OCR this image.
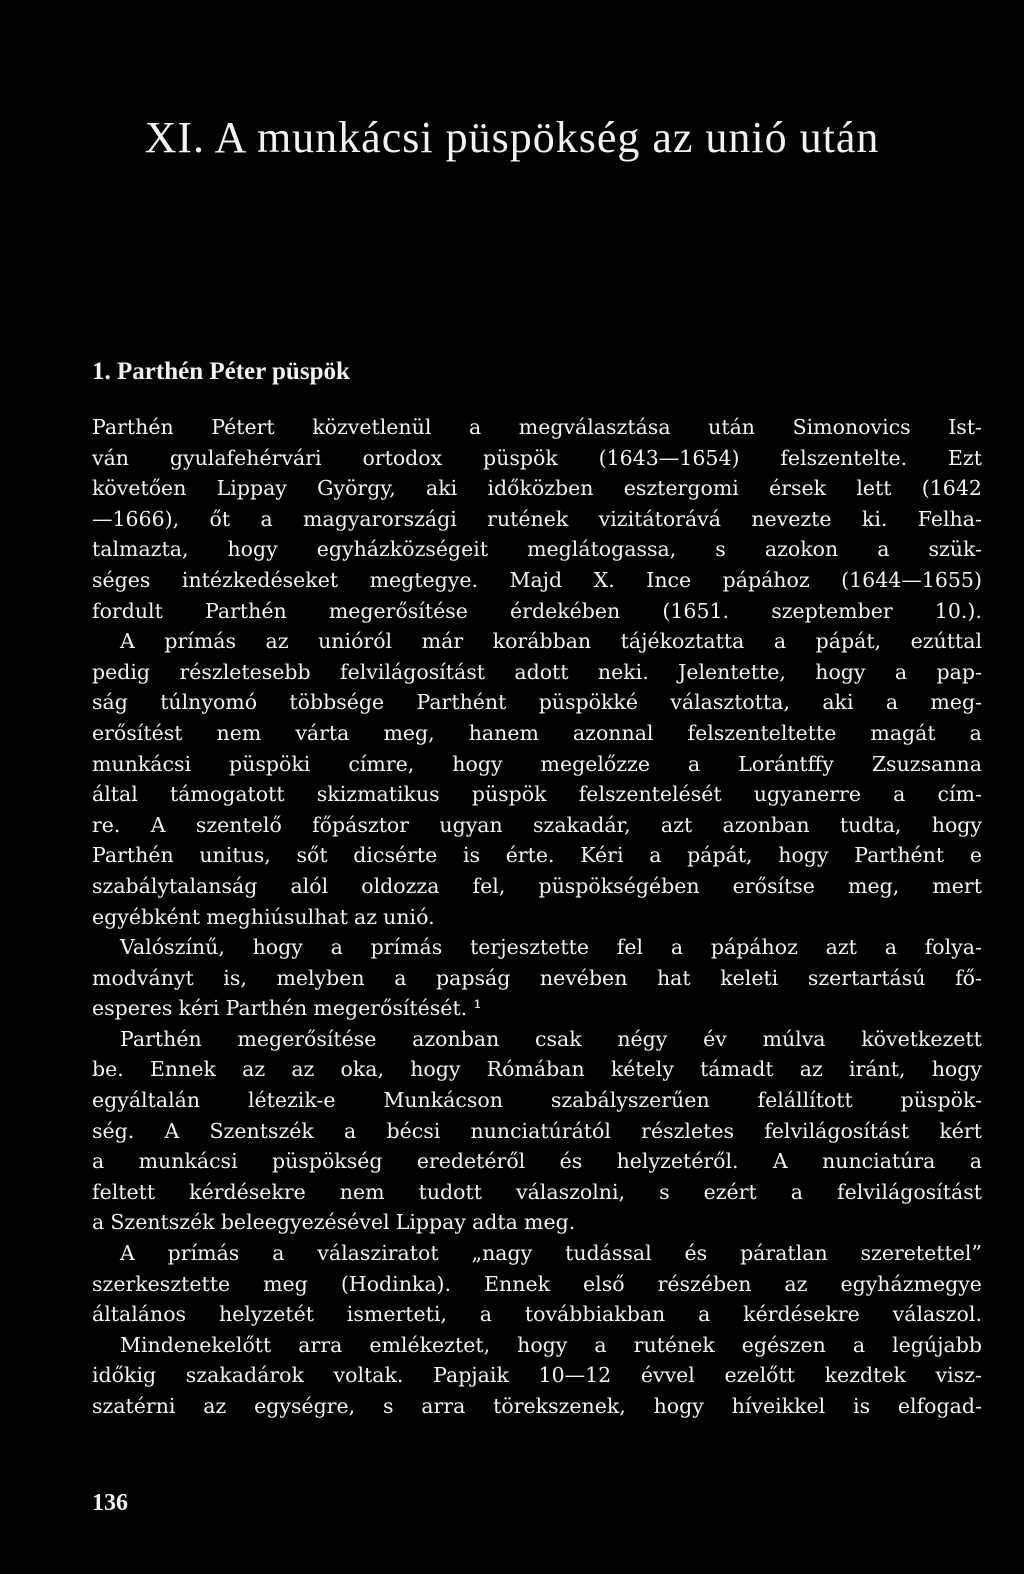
XI. A munkácsi püspökség az unió után
1. Parthén Péter püspök
Parthén Pétert közvetlenül a megválasztása után Simonovics Ist-
ván gyulafehérvári ortodox püspök (1643—1654) felszentelte. Ezt
követően Lippay György, aki időközben esztergomi érsek lett (1642
—1666), őt a magyarországi rutének vizitátorává nevezte ki. Felha-
talmazta, hogy egyházközségeit meglátogassa, s azokon a szük-
séges intézkedéseket megtegye. Majd X. Ince pápához (1644—1655)
fordult Parthén megerősítése érdekében (1651. szeptember 10.).
A prímás az unióról már korábban tájékoztatta a pápát, ezúttal
pedig részletesebb felvilágosítást adott neki. Jelentette, hogy a pap-
ság túlnyomó többsége Parthént püspökké választotta, aki a meg-
erősítést nem várta meg, hanem azonnal felszenteltette magát a
munkácsi püspöki címre, hogy megelőzze a Lorántffy Zsuzsanna
által támogatott skizmatikus püspök felszentelését ugyanerre a cím-
re. A szentelő főpásztor ugyan szakadár, azt azonban tudta, hogy
Parthén unitus, sőt dicsérte is érte. Kéri a pápát, hogy Parthént e
szabálytalanság alól oldozza fel, püspökségében erősítse meg, mert
egyébként meghiúsulhat az unió.
Valószínű, hogy a prímás terjesztette fel a pápához azt a folya-
modványt is, melyben a papság nevében hat keleti szertartású fő-
esperes kéri Parthén megerősítését. ¹
Parthén megerősítése azonban csak négy év múlva következett
be. Ennek az az oka, hogy Rómában kétely támadt az iránt, hogy
egyáltalán létezik-e Munkácson szabályszerűen felállított püspök-
ség. A Szentszék a bécsi nunciatúrától részletes felvilágosítást kért
a munkácsi püspökség eredetéről és helyzetéről. A nunciatúra a
feltett kérdésekre nem tudott válaszolni, s ezért a felvilágosítást
a Szentszék beleegyezésével Lippay adta meg.
A prímás a válasziratot „nagy tudással és páratlan szeretettel”
szerkesztette meg (Hodinka). Ennek első részében az egyházmegye
általános helyzetét ismerteti, a továbbiakban a kérdésekre válaszol.
Mindenekelőtt arra emlékeztet, hogy a rutének egészen a legújabb
időkig szakadárok voltak. Papjaik 10—12 évvel ezelőtt kezdtek visz-
szatérni az egységre, s arra törekszenek, hogy híveikkel is elfogad-
136
